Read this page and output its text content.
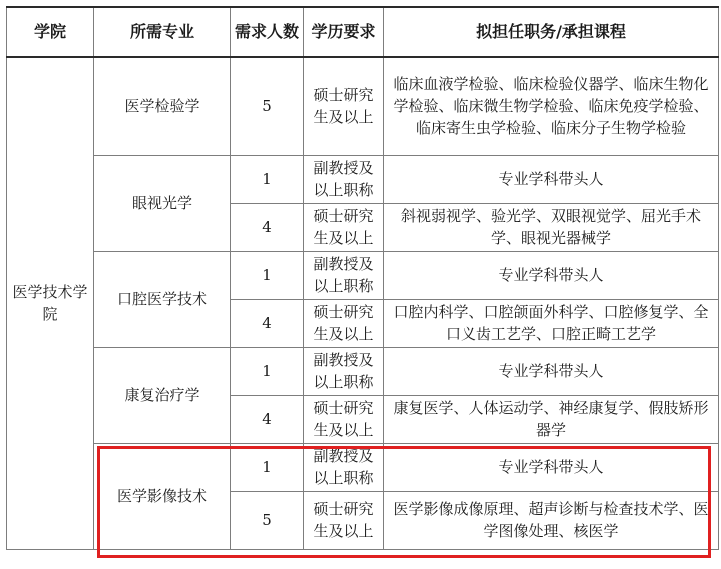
学院	所需专业	需求人数	学历要求	拟担任职务/承担课程
医学技术学院	医学检验学	5	硕士研究生及以上	临床血液学检验、临床检验仪器学、临床生物化学检验、临床微生物学检验、临床免疫学检验、临床寄生虫学检验、临床分子生物学检验
	眼视光学	1	副教授及以上职称	专业学科带头人
		4	硕士研究生及以上	斜视弱视学、验光学、双眼视觉学、屈光手术学、眼视光器械学
	口腔医学技术	1	副教授及以上职称	专业学科带头人
		4	硕士研究生及以上	口腔内科学、口腔颌面外科学、口腔修复学、全口义齿工艺学、口腔正畸工艺学
	康复治疗学	1	副教授及以上职称	专业学科带头人
		4	硕士研究生及以上	康复医学、人体运动学、神经康复学、假肢矫形器学
	医学影像技术	1	副教授及以上职称	专业学科带头人
		5	硕士研究生及以上	医学影像成像原理、超声诊断与检查技术学、医学图像处理、核医学
